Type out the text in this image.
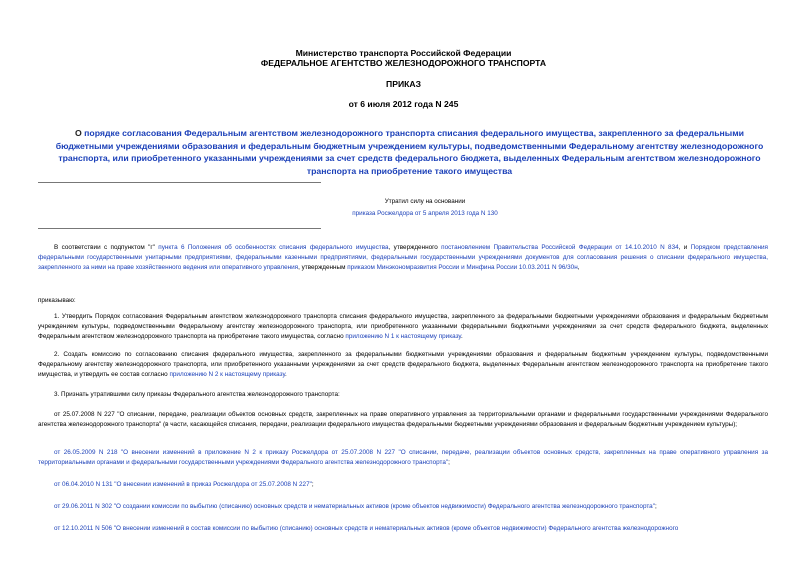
Министерство транспорта Российской Федерации
ФЕДЕРАЛЬНОЕ АГЕНТСТВО ЖЕЛЕЗНОДОРОЖНОГО ТРАНСПОРТА
ПРИКАЗ
от 6 июля 2012 года N 245
О порядке согласования Федеральным агентством железнодорожного транспорта списания федерального имущества, закрепленного за федеральными бюджетными учреждениями образования и федеральным бюджетным учреждением культуры, подведомственными Федеральному агентству железнодорожного транспорта, или приобретенного указанными учреждениями за счет средств федерального бюджета, выделенных Федеральным агентством железнодорожного транспорта на приобретение такого имущества
Утратил силу на основании
приказа Росжелдора от 5 апреля 2013 года N 130
В соответствии с подпунктом "г" пункта 6 Положения об особенностях списания федерального имущества, утвержденного постановлением Правительства Российской Федерации от 14.10.2010 N 834, и Порядком представления федеральными государственными унитарными предприятиями, федеральными казенными предприятиями, федеральными государственными учреждениями документов для согласования решения о списании федерального имущества, закрепленного за ними на праве хозяйственного ведения или оперативного управления, утвержденным приказом Минэкономразвития России и Минфина России 10.03.2011 N 96/30н,
приказываю:
1. Утвердить Порядок согласования Федеральным агентством железнодорожного транспорта списания федерального имущества, закрепленного за федеральными бюджетными учреждениями образования и федеральным бюджетным учреждением культуры, подведомственными Федеральному агентству железнодорожного транспорта, или приобретенного указанными федеральными бюджетными учреждениями за счет средств федерального бюджета, выделенных Федеральным агентством железнодорожного транспорта на приобретение такого имущества, согласно приложению N 1 к настоящему приказу.
2. Создать комиссию по согласованию списания федерального имущества, закрепленного за федеральными бюджетными учреждениями образования и федеральным бюджетным учреждением культуры, подведомственными Федеральному агентству железнодорожного транспорта, или приобретенного указанными учреждениями за счет средств федерального бюджета, выделенных Федеральным агентством железнодорожного транспорта на приобретение такого имущества, и утвердить ее состав согласно приложению N 2 к настоящему приказу.
3. Признать утратившими силу приказы Федерального агентства железнодорожного транспорта:
от 25.07.2008 N 227 "О списании, передаче, реализации объектов основных средств, закрепленных на праве оперативного управления за территориальными органами и федеральными государственными учреждениями Федерального агентства железнодорожного транспорта" (в части, касающейся списания, передачи, реализации федерального имущества федеральными бюджетными учреждениями образования и федеральным бюджетным учреждением культуры);
от 26.05.2009 N 218 "О внесении изменений в приложение N 2 к приказу Росжелдора от 25.07.2008 N 227 "О списании, передаче, реализации объектов основных средств, закрепленных на праве оперативного управления за территориальными органами и федеральными государственными учреждениями Федерального агентства железнодорожного транспорта";
от 06.04.2010 N 131 "О внесении изменений в приказ Росжелдора от 25.07.2008 N 227";
от 29.06.2011 N 302 "О создании комиссии по выбытию (списанию) основных средств и нематериальных активов (кроме объектов недвижимости) Федерального агентства железнодорожного транспорта";
от 12.10.2011 N 506 "О внесении изменений в состав комиссии по выбытию (списанию) основных средств и нематериальных активов (кроме объектов недвижимости) Федерального агентства железнодорожного
